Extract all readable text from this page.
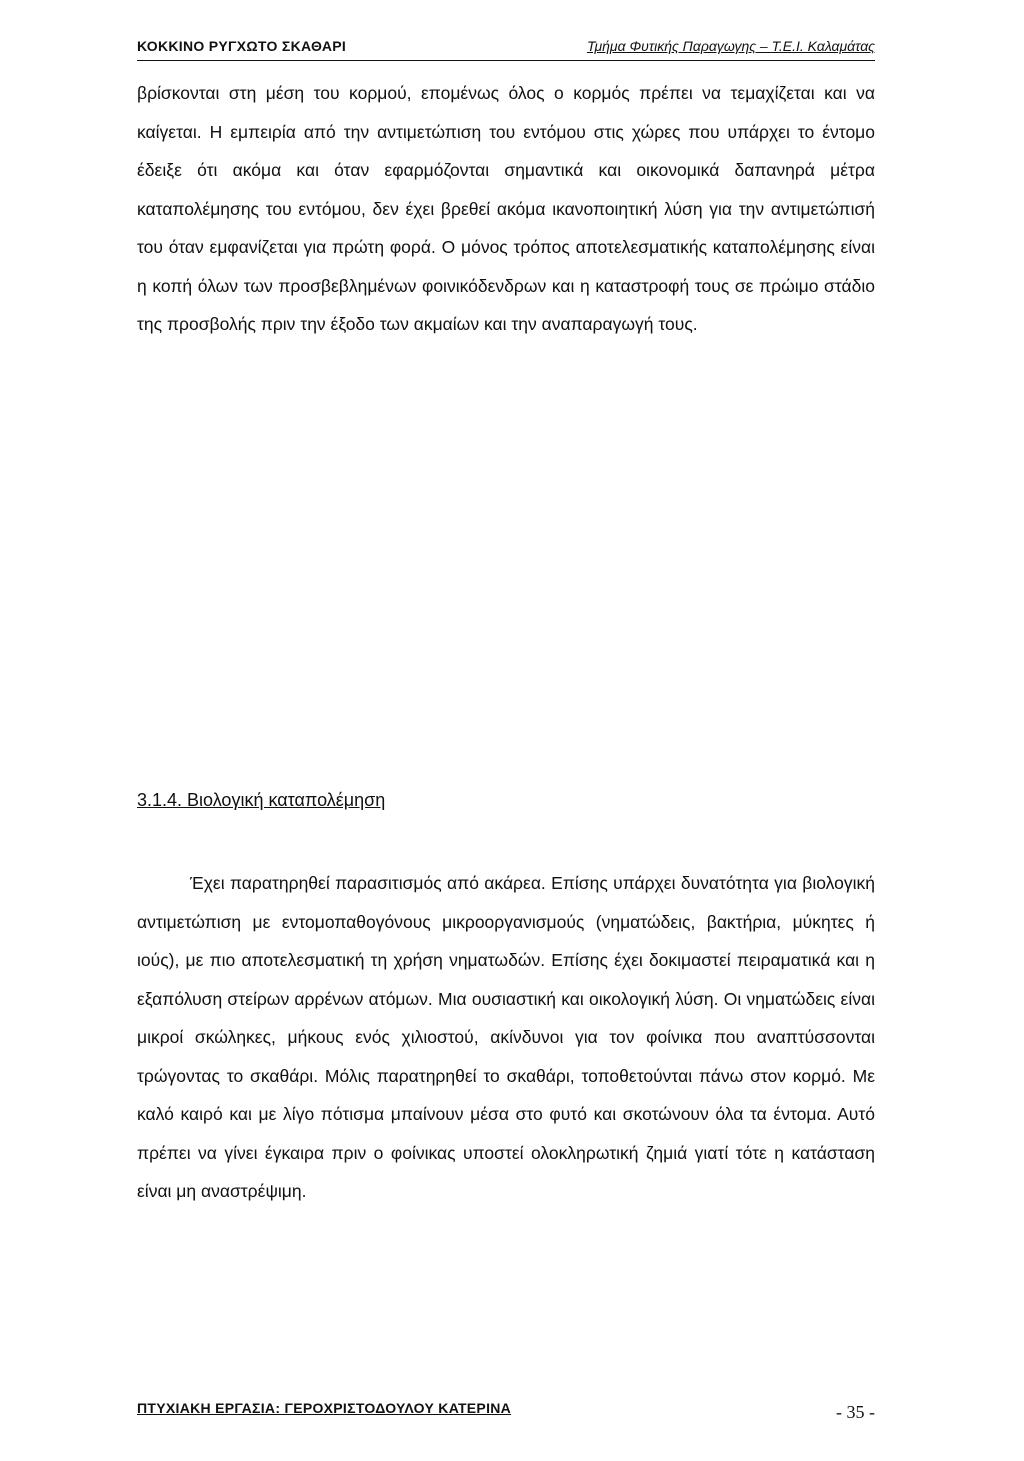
ΚΟΚΚΙΝΟ ΡΥΓΧΩΤΟ ΣΚΑΘΑΡΙ	Τμήμα Φυτικής Παραγωγης – Τ.Ε.Ι. Καλαμάτας

βρίσκονται στη μέση του κορμού, επομένως όλος ο κορμός πρέπει να τεμαχίζεται και να καίγεται. Η εμπειρία από την αντιμετώπιση του εντόμου στις χώρες που υπάρχει το έντομο έδειξε ότι ακόμα και όταν εφαρμόζονται σημαντικά και οικονομικά δαπανηρά μέτρα καταπολέμησης του εντόμου, δεν έχει βρεθεί ακόμα ικανοποιητική λύση για την αντιμετώπισή του όταν εμφανίζεται για πρώτη φορά. Ο μόνος τρόπος αποτελεσματικής καταπολέμησης είναι η κοπή όλων των προσβεβλημένων φοινικόδενδρων και η καταστροφή τους σε πρώιμο στάδιο της προσβολής πριν την έξοδο των ακμαίων και την αναπαραγωγή τους.

3.1.4. Βιολογική καταπολέμηση

Έχει παρατηρηθεί παρασιτισμός από ακάρεα. Επίσης υπάρχει δυνατότητα για βιολογική αντιμετώπιση με εντομοπαθογόνους μικροοργανισμούς (νηματώδεις, βακτήρια, μύκητες ή ιούς), με πιο αποτελεσματική τη χρήση νηματωδών. Επίσης έχει δοκιμαστεί πειραματικά και η εξαπόλυση στείρων αρρένων ατόμων. Μια ουσιαστική και οικολογική λύση. Οι νηματώδεις είναι μικροί σκώληκες, μήκους ενός χιλιοστού, ακίνδυνοι για τον φοίνικα που αναπτύσσονται τρώγοντας το σκαθάρι. Μόλις παρατηρηθεί το σκαθάρι, τοποθετούνται πάνω στον κορμό. Με καλό καιρό και με λίγο πότισμα μπαίνουν μέσα στο φυτό και σκοτώνουν όλα τα έντομα. Αυτό πρέπει να γίνει έγκαιρα πριν ο φοίνικας υποστεί ολοκληρωτική ζημιά γιατί τότε η κατάσταση είναι μη αναστρέψιμη.

ΠΤΥΧΙΑΚΗ ΕΡΓΑΣΙΑ: ΓΕΡΟΧΡΙΣΤΟΔΟΥΛΟΥ ΚΑΤΕΡΙΝΑ	- 35 -
